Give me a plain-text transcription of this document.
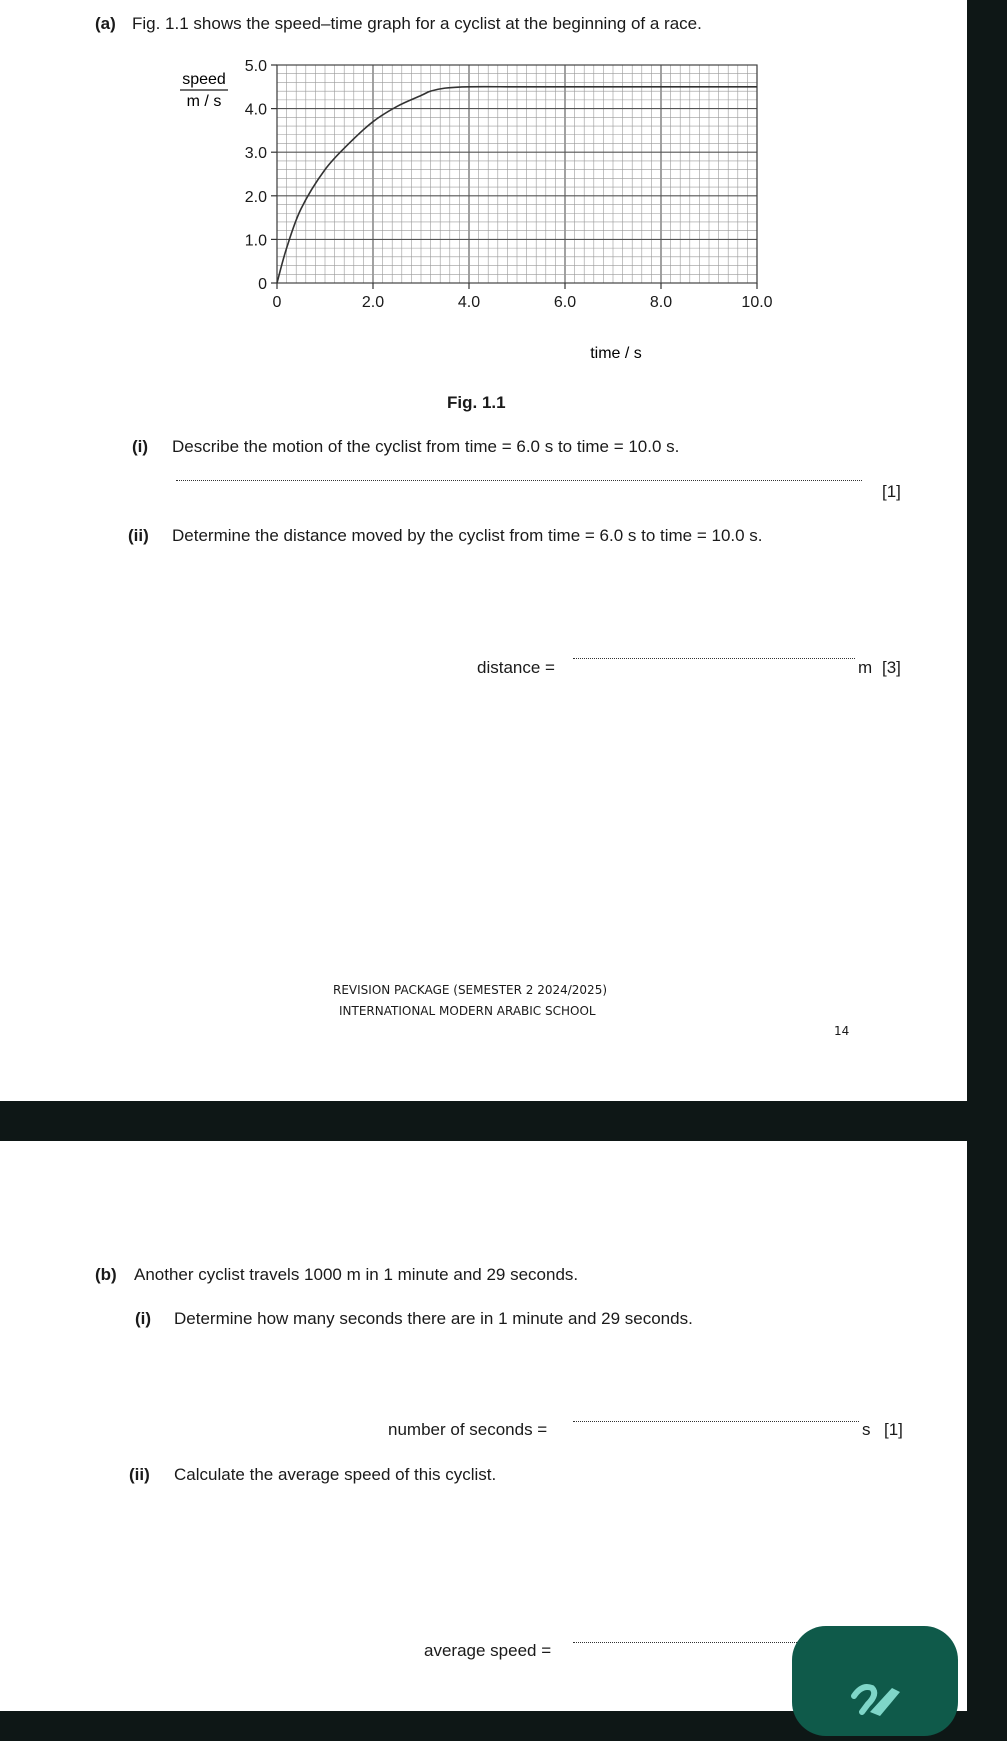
(a) Fig. 1.1 shows the speed–time graph for a cyclist at the beginning of a race.
0	2.0	4.0	6.0	8.0	10.0
0
1.0
2.0
3.0
4.0
5.0
speed
m / s
time / s
Fig. 1.1
(i) Describe the motion of the cyclist from time = 6.0 s to time = 10.0 s.
[1]
(ii) Determine the distance moved by the cyclist from time = 6.0 s to time = 10.0 s.
distance =	m [3]
REVISION PACKAGE (SEMESTER 2 2024/2025)
INTERNATIONAL MODERN ARABIC SCHOOL
14
(b) Another cyclist travels 1000 m in 1 minute and 29 seconds.
(i) Determine how many seconds there are in 1 minute and 29 seconds.
number of seconds =	s [1]
(ii) Calculate the average speed of this cyclist.
average speed =
